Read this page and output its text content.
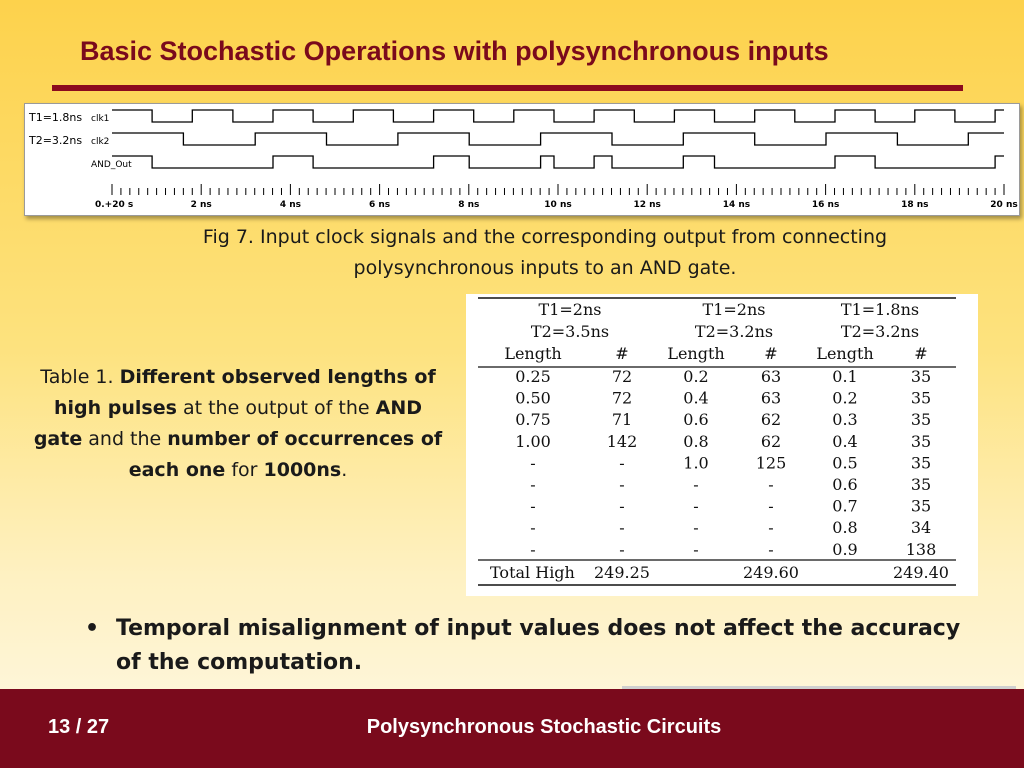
Basic Stochastic Operations with polysynchronous inputs
T1=1.8ns clk1
T2=3.2ns clk2
AND_Out
0.+20 s	2 ns	4 ns	6 ns	8 ns	10 ns	12 ns	14 ns	16 ns	18 ns	20 ns
Fig 7. Input clock signals and the corresponding output from connecting polysynchronous inputs to an AND gate.
Table 1. Different observed lengths of high pulses at the output of the AND gate and the number of occurrences of each one for 1000ns.
T1=2ns
T2=3.5ns
T1=2ns
T2=3.2ns
T1=1.8ns
T2=3.2ns
Length	# Length # Length	#
0.25	72	0.2	63	0.1	35
0.50	72	0.4	63	0.2	35
0.75	71	0.6	62	0.3	35
1.00	142	0.8	62	0.4	35
-	-	1.0	125	0.5	35
-	-	-	-	0.6	35
-	-	-	-	0.7	35
-	-	-	-	0.8	34
-	-	-	-	0.9	138
Total High 249.25	249.60	249.40
• Temporal misalignment of input values does not affect the accuracy of the computation.
13 / 27	Polysynchronous Stochastic Circuits
